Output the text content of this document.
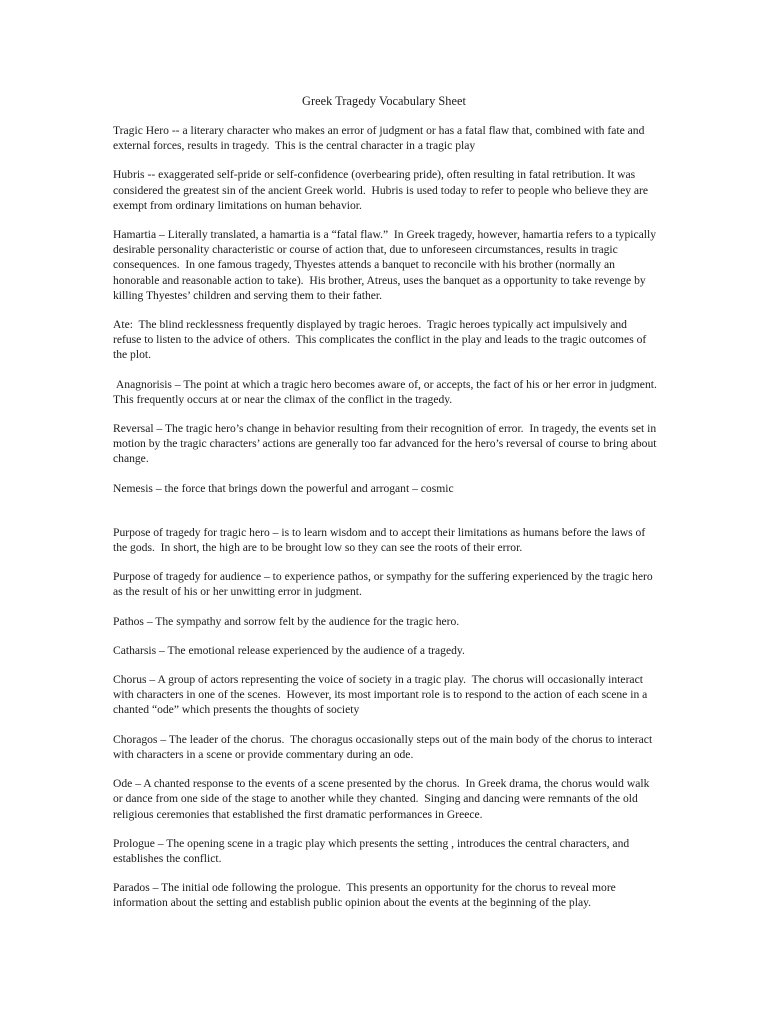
Greek Tragedy Vocabulary Sheet

Tragic Hero -- a literary character who makes an error of judgment or has a fatal flaw that, combined with fate and external forces, results in tragedy.  This is the central character in a tragic play

Hubris -- exaggerated self-pride or self-confidence (overbearing pride), often resulting in fatal retribution. It was considered the greatest sin of the ancient Greek world.  Hubris is used today to refer to people who believe they are exempt from ordinary limitations on human behavior.

Hamartia – Literally translated, a hamartia is a “fatal flaw.”  In Greek tragedy, however, hamartia refers to a typically desirable personality characteristic or course of action that, due to unforeseen circumstances, results in tragic consequences.  In one famous tragedy, Thyestes attends a banquet to reconcile with his brother (normally an honorable and reasonable action to take).  His brother, Atreus, uses the banquet as a opportunity to take revenge by killing Thyestes’ children and serving them to their father.

Ate:  The blind recklessness frequently displayed by tragic heroes.  Tragic heroes typically act impulsively and refuse to listen to the advice of others.  This complicates the conflict in the play and leads to the tragic outcomes of the plot.

Anagnorisis – The point at which a tragic hero becomes aware of, or accepts, the fact of his or her error in judgment.  This frequently occurs at or near the climax of the conflict in the tragedy.

Reversal – The tragic hero’s change in behavior resulting from their recognition of error.  In tragedy, the events set in motion by the tragic characters’ actions are generally too far advanced for the hero’s reversal of course to bring about change.

Nemesis – the force that brings down the powerful and arrogant – cosmic

Purpose of tragedy for tragic hero – is to learn wisdom and to accept their limitations as humans before the laws of the gods.  In short, the high are to be brought low so they can see the roots of their error.

Purpose of tragedy for audience – to experience pathos, or sympathy for the suffering experienced by the tragic hero as the result of his or her unwitting error in judgment.

Pathos – The sympathy and sorrow felt by the audience for the tragic hero.

Catharsis – The emotional release experienced by the audience of a tragedy.

Chorus – A group of actors representing the voice of society in a tragic play.  The chorus will occasionally interact with characters in one of the scenes.  However, its most important role is to respond to the action of each scene in a chanted “ode” which presents the thoughts of society

Choragos – The leader of the chorus.  The choragus occasionally steps out of the main body of the chorus to interact with characters in a scene or provide commentary during an ode.

Ode – A chanted response to the events of a scene presented by the chorus.  In Greek drama, the chorus would walk or dance from one side of the stage to another while they chanted.  Singing and dancing were remnants of the old religious ceremonies that established the first dramatic performances in Greece.

Prologue – The opening scene in a tragic play which presents the setting , introduces the central characters, and establishes the conflict.

Parados – The initial ode following the prologue.  This presents an opportunity for the chorus to reveal more information about the setting and establish public opinion about the events at the beginning of the play.
